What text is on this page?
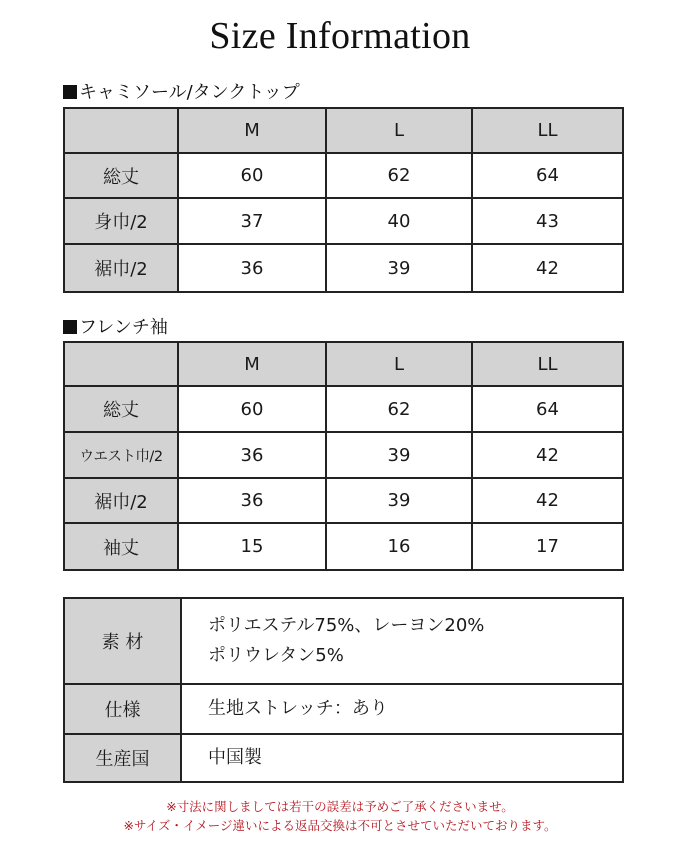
Size Information
キャミソール/タンクトップ
	M	L	LL
総丈	60	62	64
身巾/2	37	40	43
裾巾/2	36	39	42
フレンチ袖
	M	L	LL
総丈	60	62	64
ウエスト巾/2	36	39	42
裾巾/2	36	39	42
袖丈	15	16	17
素 材	ポリエステル75%、レーヨン20%
ポリウレタン5%

仕様	生地ストレッチ：あり
生産国	中国製
※寸法に関しましては若干の誤差は予めご了承くださいませ。
※サイズ・イメージ違いによる返品交換は不可とさせていただいております。
